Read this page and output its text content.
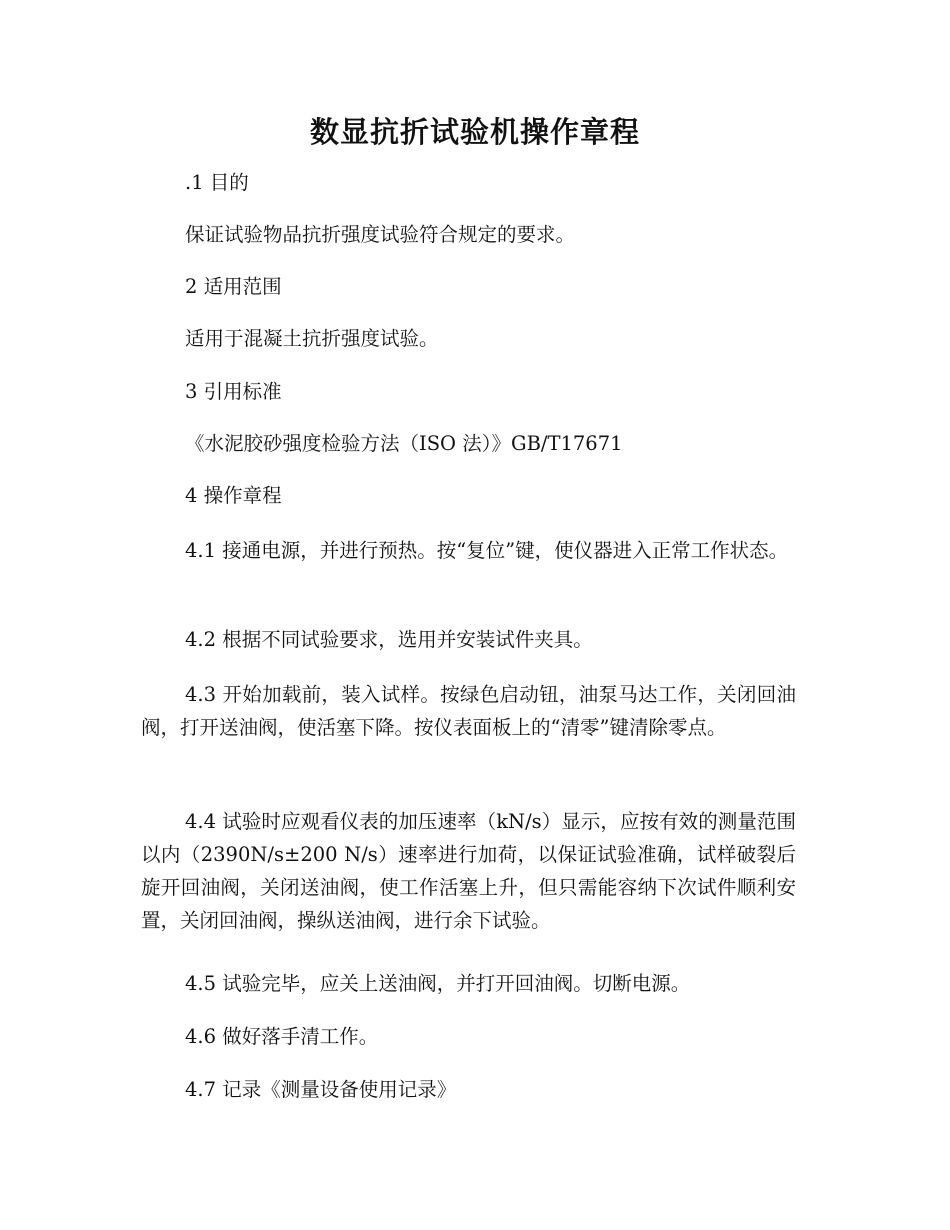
数显抗折试验机操作章程
.1 目的
保证试验物品抗折强度试验符合规定的要求。
2 适用范围
适用于混凝土抗折强度试验。
3 引用标准
《水泥胶砂强度检验方法（ISO 法）》GB/T17671
4 操作章程
4.1 接通电源，并进行预热。按“复位”键，使仪器进入正常工作状态。
4.2 根据不同试验要求，选用并安装试件夹具。
4.3 开始加载前，装入试样。按绿色启动钮，油泵马达工作，关闭回油阀，打开送油阀，使活塞下降。按仪表面板上的“清零”键清除零点。
4.4 试验时应观看仪表的加压速率（kN/s）显示，应按有效的测量范围以内（2390N/s±200 N/s）速率进行加荷，以保证试验准确，试样破裂后旋开回油阀，关闭送油阀，使工作活塞上升，但只需能容纳下次试件顺利安置，关闭回油阀，操纵送油阀，进行余下试验。
4.5 试验完毕，应关上送油阀，并打开回油阀。切断电源。
4.6 做好落手清工作。
4.7 记录《测量设备使用记录》
